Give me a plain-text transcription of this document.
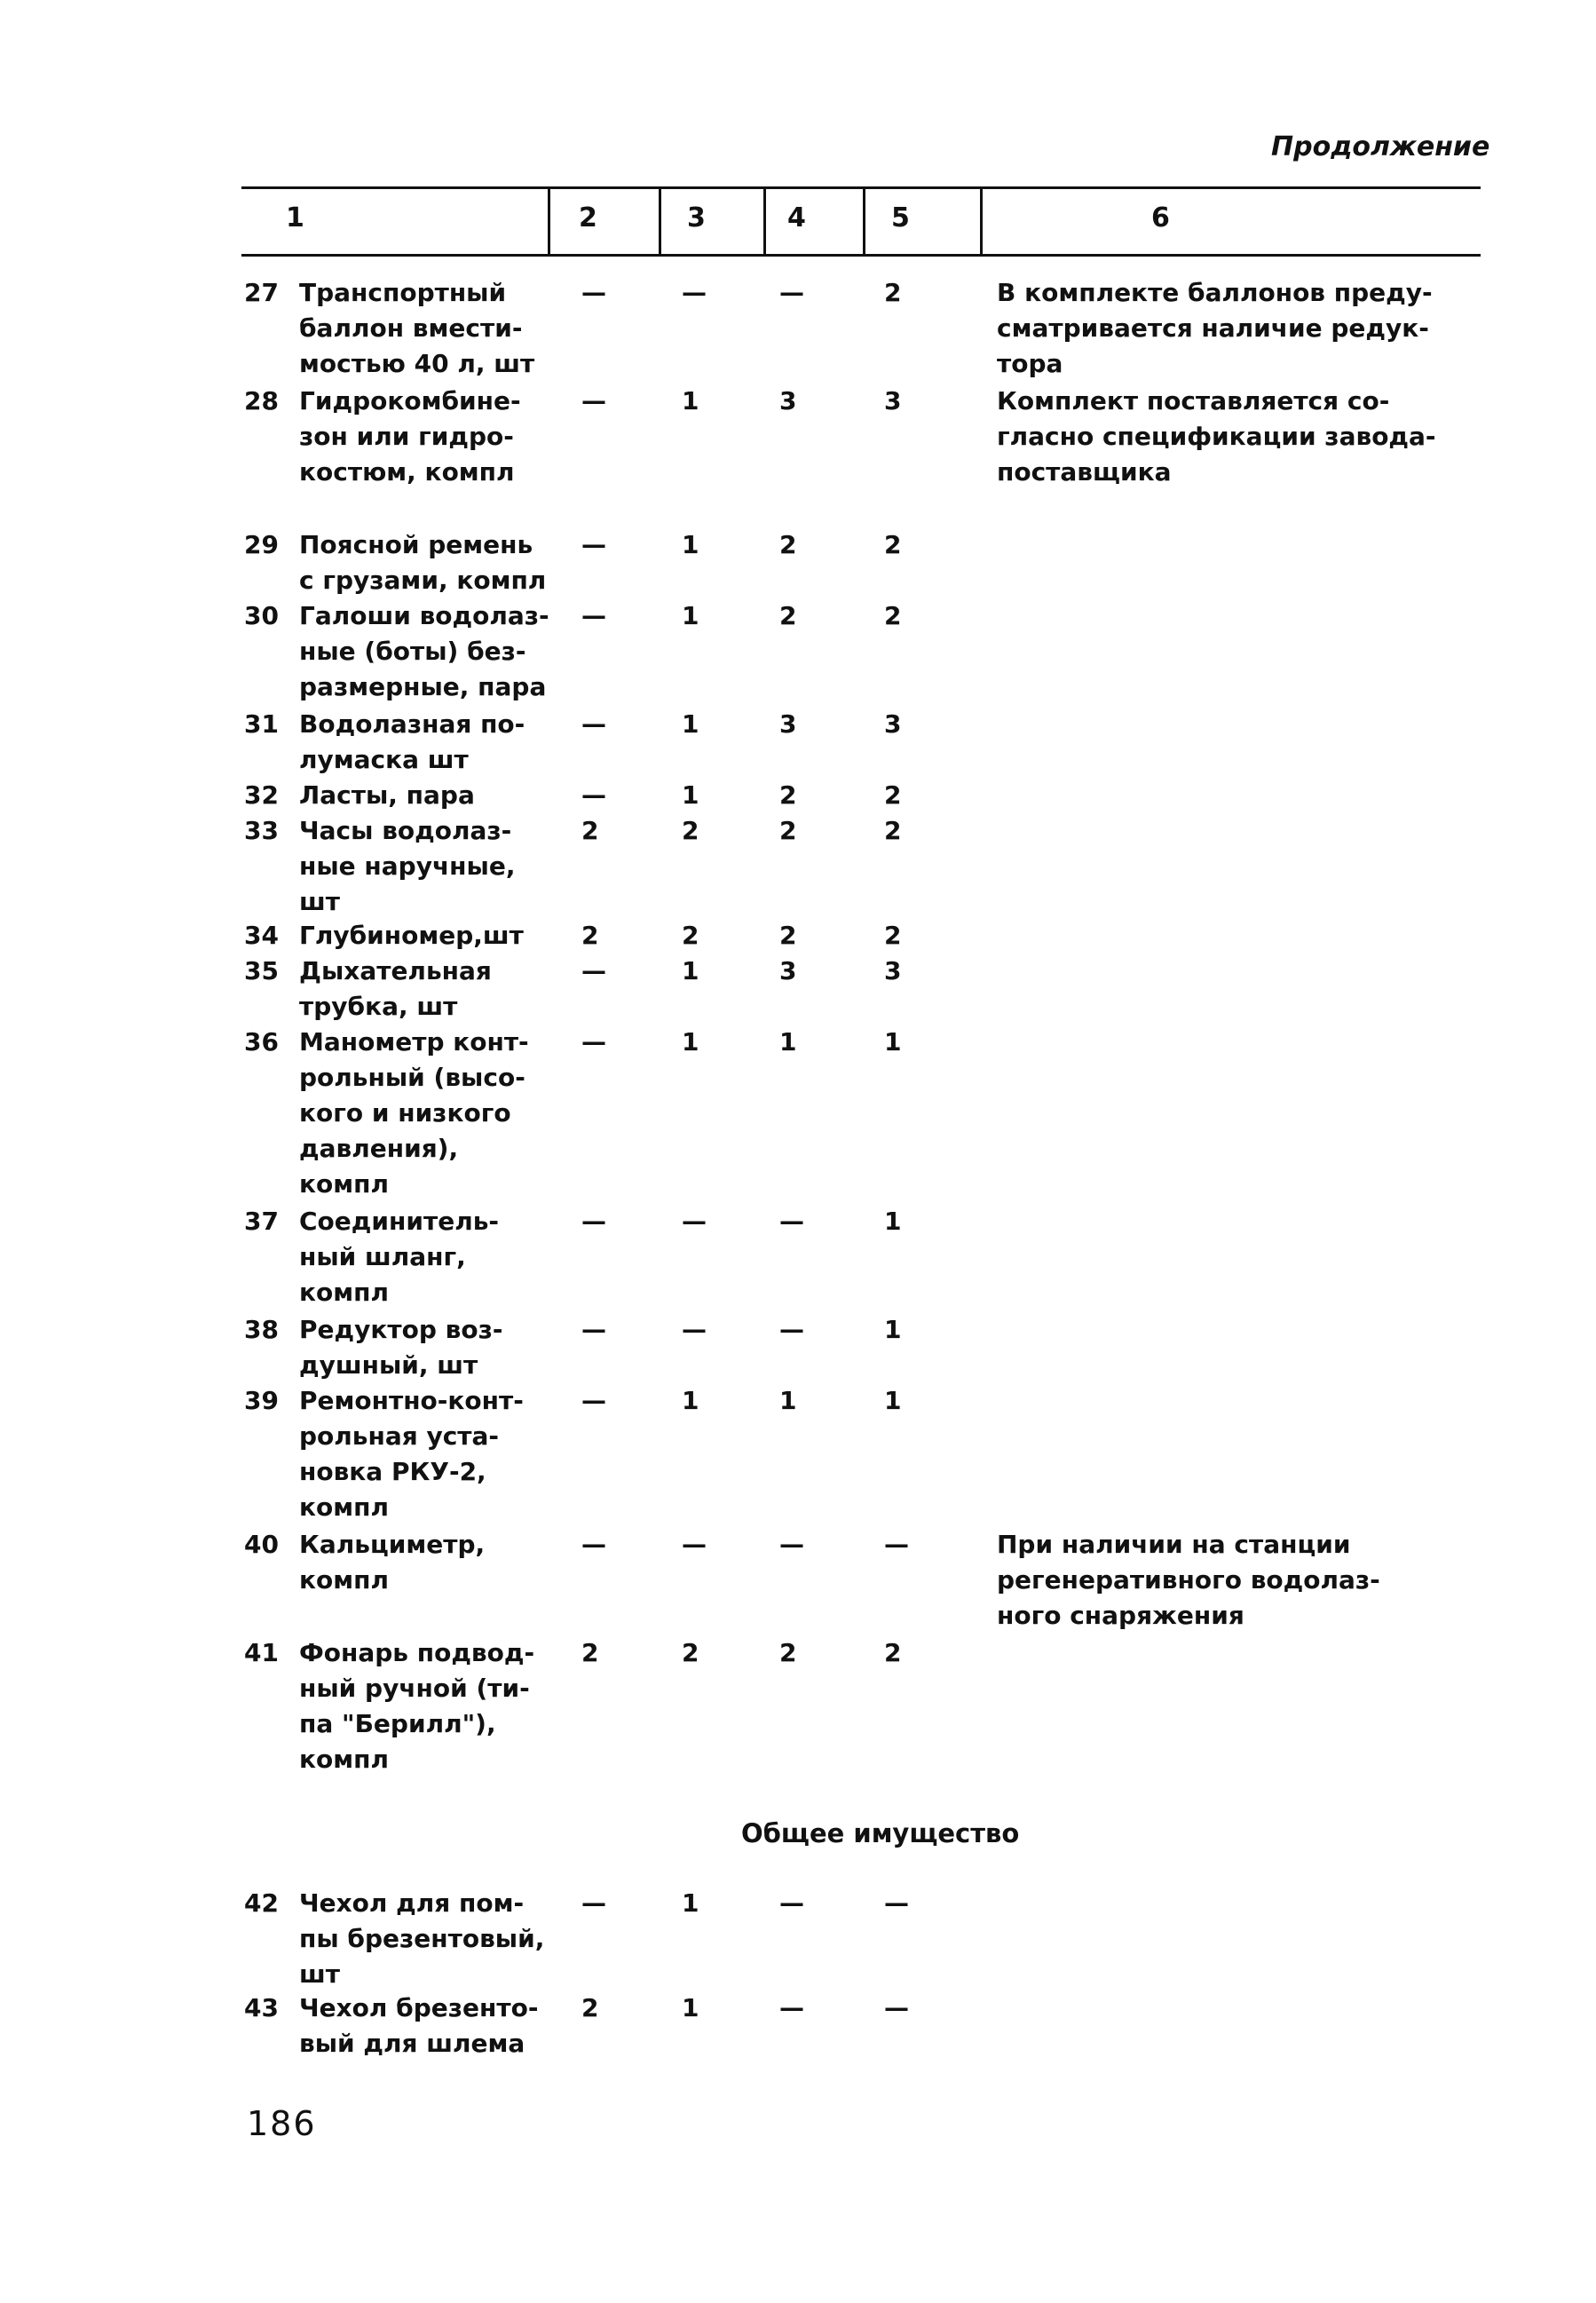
Продолжение
1	2	3	4	5	6
27 Транспортный
баллон вмести-
мостью 40 л, шт
—	—	—	2	В комплекте баллонов преду-
сматривается наличие редук-
тора
28 Гидрокомбине-
зон или гидро-
костюм, компл
—	1	3	3	Комплект поставляется со-
гласно спецификации завода-
поставщика
29 Поясной ремень
с грузами, компл
—	1	2	2
30 Галоши водолаз-
ные (боты) без-
размерные, пара
—	1	2	2
31 Водолазная по-
лумаска шт
—	1	3	3
32 Ласты, пара	—	1	2	2
33 Часы водолаз-
ные наручные,
шт
2	2	2	2
34 Глубиномер,шт 2	2	2	2
35 Дыхательная
трубка, шт
—	1	3	3
36 Манометр конт-
рольный (высо-
кого и низкого
давления),
компл
—	1	1	1
37 Соединитель-
ный шланг,
компл
—	—	—	1
38 Редуктор воз-
душный, шт
—	—	—	1
39 Ремонтно-конт-
рольная уста-
новка РКУ-2,
компл
—	1	1	1
40 Кальциметр,
компл
—	—	—	—	При наличии на станции
регенеративного водолаз-
ного снаряжения
41 Фонарь подвод-
ный ручной (ти-
па "Берилл"),
компл
2	2	2	2
Общее имущество
42 Чехол для пом-
пы брезентовый,
шт
—	1	—	—
43 Чехол брезенто-
вый для шлема
2	1	—	—
186
